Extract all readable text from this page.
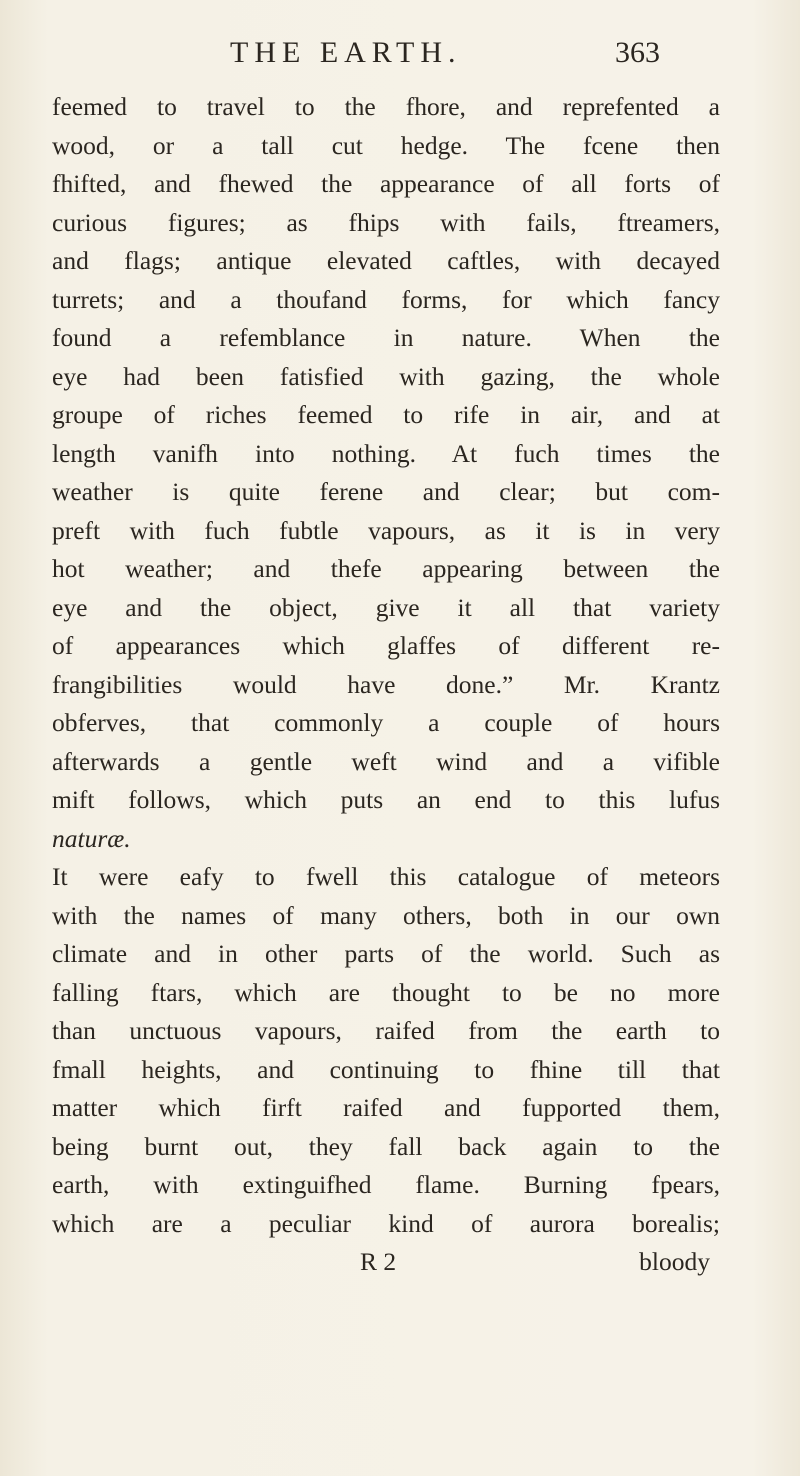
THE EARTH.	363
feemed to travel to the fhore, and reprefented a
wood, or a tall cut hedge. The fcene then
fhifted, and fhewed the appearance of all forts of
curious figures; as fhips with fails, ftreamers,
and flags; antique elevated caftles, with decayed
turrets; and a thoufand forms, for which fancy
found a refemblance in nature. When the
eye had been fatisfied with gazing, the whole
groupe of riches feemed to rife in air, and at
length vanifh into nothing. At fuch times the
weather is quite ferene and clear; but com-
preft with fuch fubtle vapours, as it is in very
hot weather; and thefe appearing between the
eye and the object, give it all that variety
of appearances which glaffes of different re-
frangibilities would have done.” Mr. Krantz
obferves, that commonly a couple of hours
afterwards a gentle weft wind and a vifible
mift follows, which puts an end to this lufus
naturæ.
It were eafy to fwell this catalogue of meteors
with the names of many others, both in our own
climate and in other parts of the world. Such as
falling ftars, which are thought to be no more
than unctuous vapours, raifed from the earth to
fmall heights, and continuing to fhine till that
matter which firft raifed and fupported them,
being burnt out, they fall back again to the
earth, with extinguifhed flame. Burning fpears,
which are a peculiar kind of aurora borealis;
R 2	bloody
